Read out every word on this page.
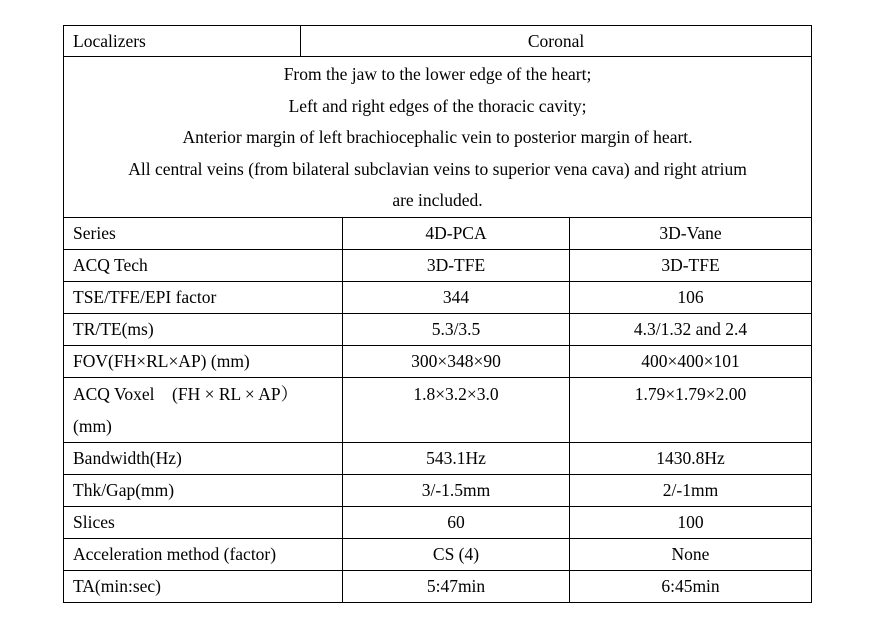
Localizers	Coronal		

From the jaw to the lower edge of the heart;
Left and right edges of the thoracic cavity;
Anterior margin of left brachiocephalic vein to posterior margin of heart.
All central veins (from bilateral subclavian veins to superior vena cava) and right atrium
are included.			

Series		4D-PCA	3D-Vane
ACQ Tech		3D-TFE	3D-TFE
TSE/TFE/EPI factor		344	106
TR/TE(ms)		5.3/3.5	4.3/1.32 and 2.4
FOV(FH×RL×AP) (mm)		300×348×90	400×400×101

ACQ Voxel　(FH × RL × AP）
(mm)		1.8×3.2×3.0	1.79×1.79×2.00
Bandwidth(Hz)		543.1Hz	1430.8Hz
Thk/Gap(mm)		3/-1.5mm	2/-1mm
Slices		60	100
Acceleration method (factor)		CS (4)	None
TA(min:sec)		5:47min	6:45min
